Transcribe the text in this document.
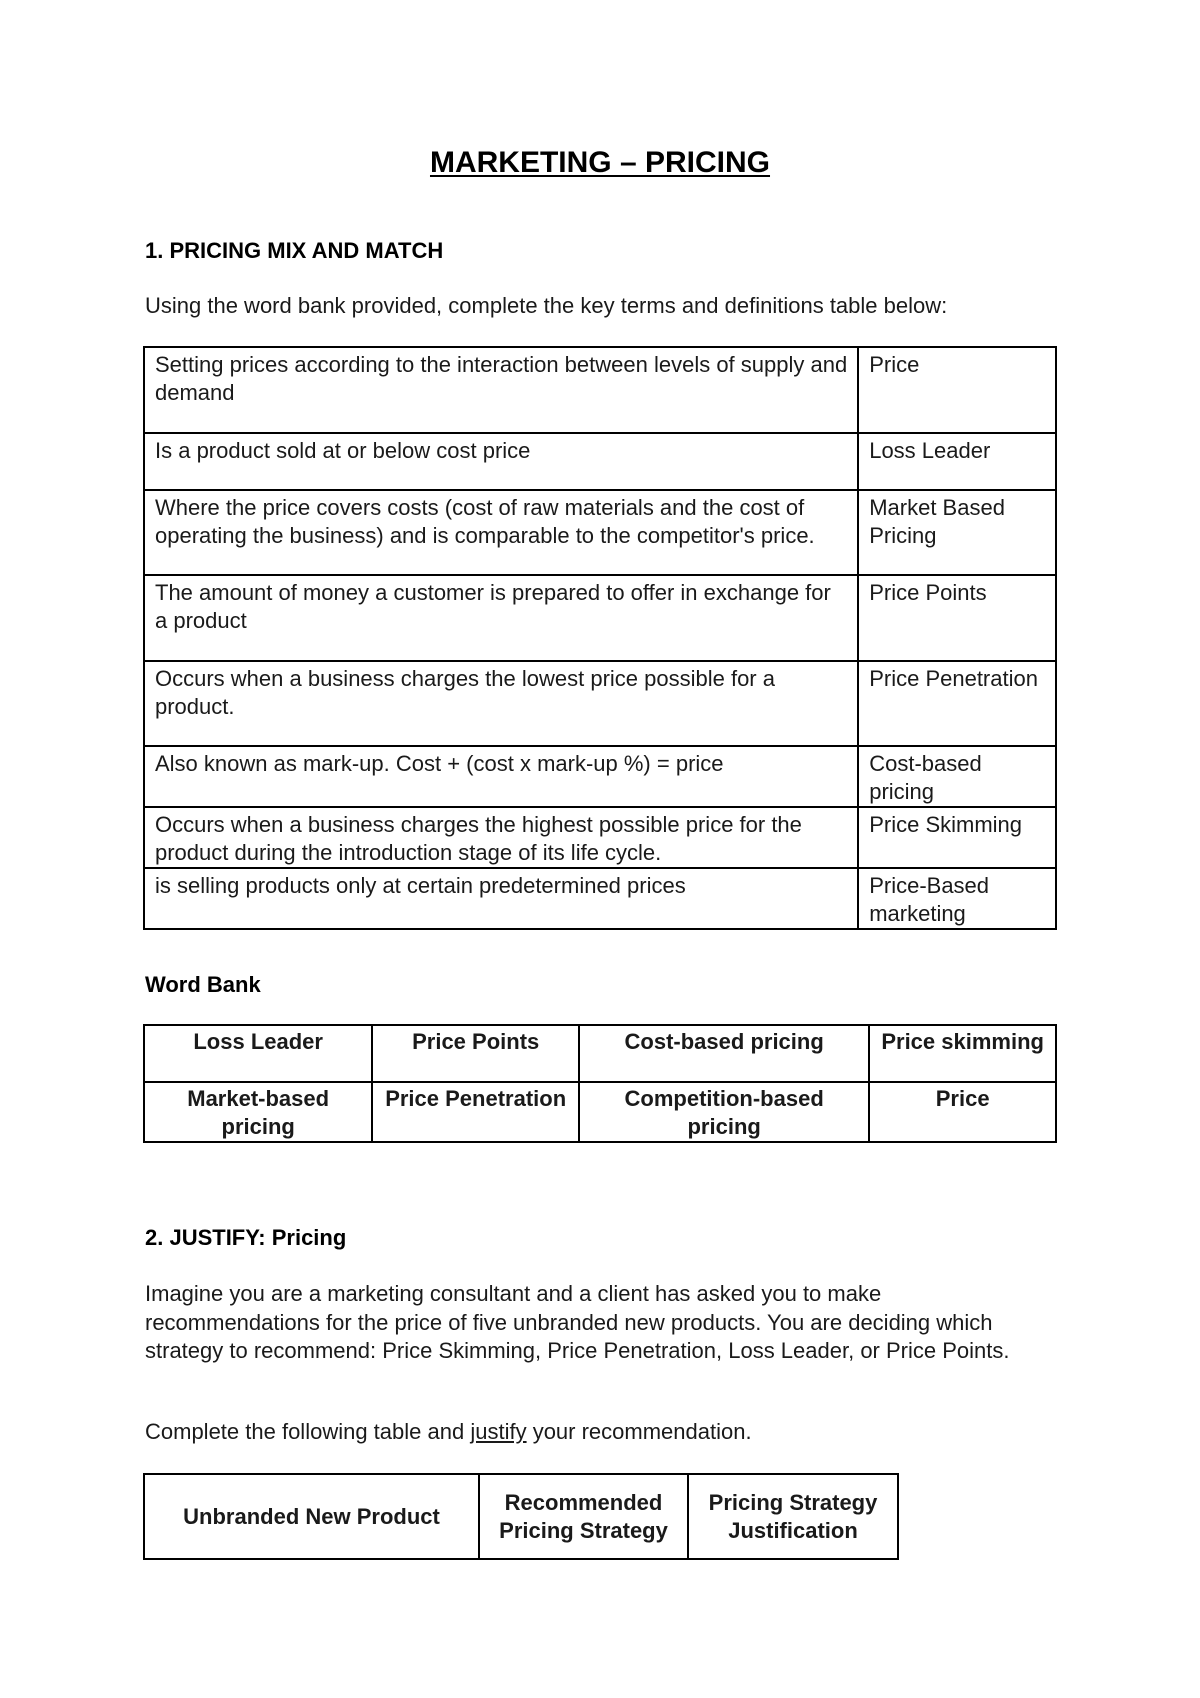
MARKETING – PRICING
1. PRICING MIX AND MATCH

Using the word bank provided, complete the key terms and definitions table below:

Setting prices according to the interaction between levels of supply and demand	Price
Is a product sold at or below cost price	Loss Leader
Where the price covers costs (cost of raw materials and the cost of operating the business) and is comparable to the competitor's price.	Market Based Pricing
The amount of money a customer is prepared to offer in exchange for a product	Price Points
Occurs when a business charges the lowest price possible for a product.	Price Penetration
Also known as mark-up. Cost + (cost x mark-up %) = price	Cost-based pricing
Occurs when a business charges the highest possible price for the product during the introduction stage of its life cycle.	Price Skimming
is selling products only at certain predetermined prices	Price-Based marketing
Word Bank
Loss Leader	Price Points	Cost-based pricing	Price skimming
Market-based pricing	Price Penetration	Competition-based pricing	Price
2. JUSTIFY: Pricing

Imagine you are a marketing consultant and a client has asked you to make recommendations for the price of five unbranded new products. You are deciding which strategy to recommend: Price Skimming, Price Penetration, Loss Leader, or Price Points.

Complete the following table and justify your recommendation.

Unbranded New Product	Recommended Pricing Strategy	Pricing Strategy Justification
